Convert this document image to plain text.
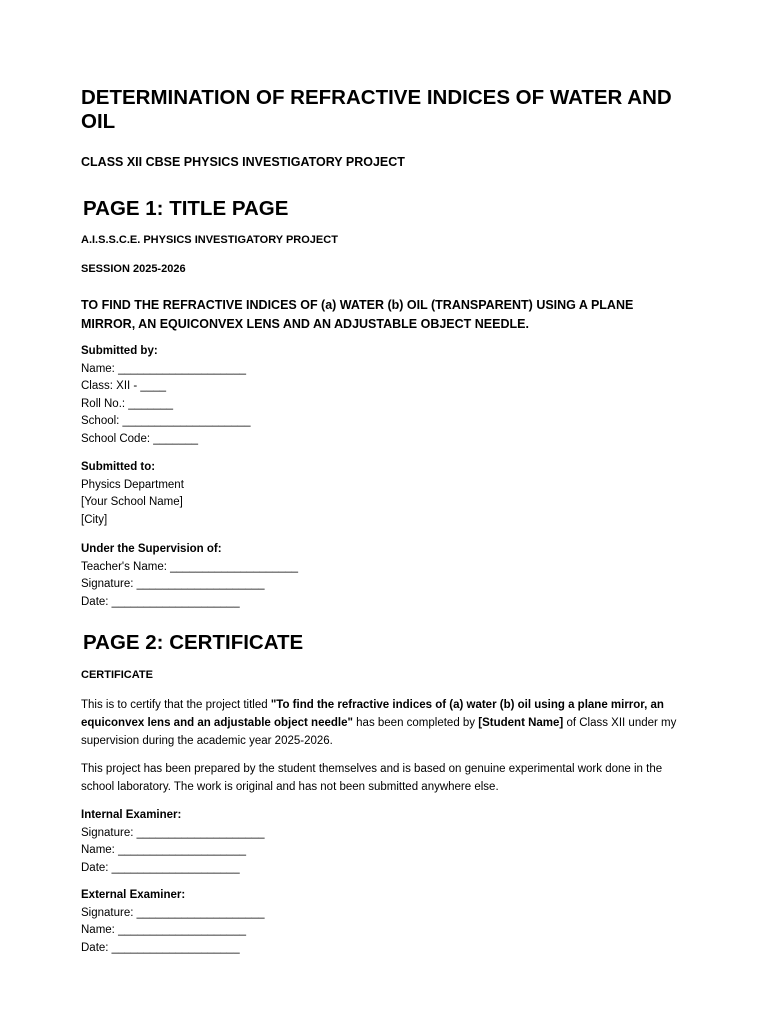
DETERMINATION OF REFRACTIVE INDICES OF WATER AND OIL
CLASS XII CBSE PHYSICS INVESTIGATORY PROJECT
PAGE 1: TITLE PAGE
A.I.S.S.C.E. PHYSICS INVESTIGATORY PROJECT
SESSION 2025-2026
TO FIND THE REFRACTIVE INDICES OF (a) WATER (b) OIL (TRANSPARENT) USING A PLANE MIRROR, AN EQUICONVEX LENS AND AN ADJUSTABLE OBJECT NEEDLE.
Submitted by:
Name: ____________________
Class: XII - ____
Roll No.: _______
School: ____________________
School Code: _______
Submitted to:
Physics Department
[Your School Name]
[City]
Under the Supervision of:
Teacher's Name: ____________________
Signature: ____________________
Date: ____________________
PAGE 2: CERTIFICATE
CERTIFICATE

This is to certify that the project titled "To find the refractive indices of (a) water (b) oil using a plane mirror, an equiconvex lens and an adjustable object needle" has been completed by [Student Name] of Class XII under my supervision during the academic year 2025-2026.

This project has been prepared by the student themselves and is based on genuine experimental work done in the school laboratory. The work is original and has not been submitted anywhere else.

Internal Examiner:
Signature: ____________________
Name: ____________________
Date: ____________________
External Examiner:
Signature: ____________________
Name: ____________________
Date: ____________________
